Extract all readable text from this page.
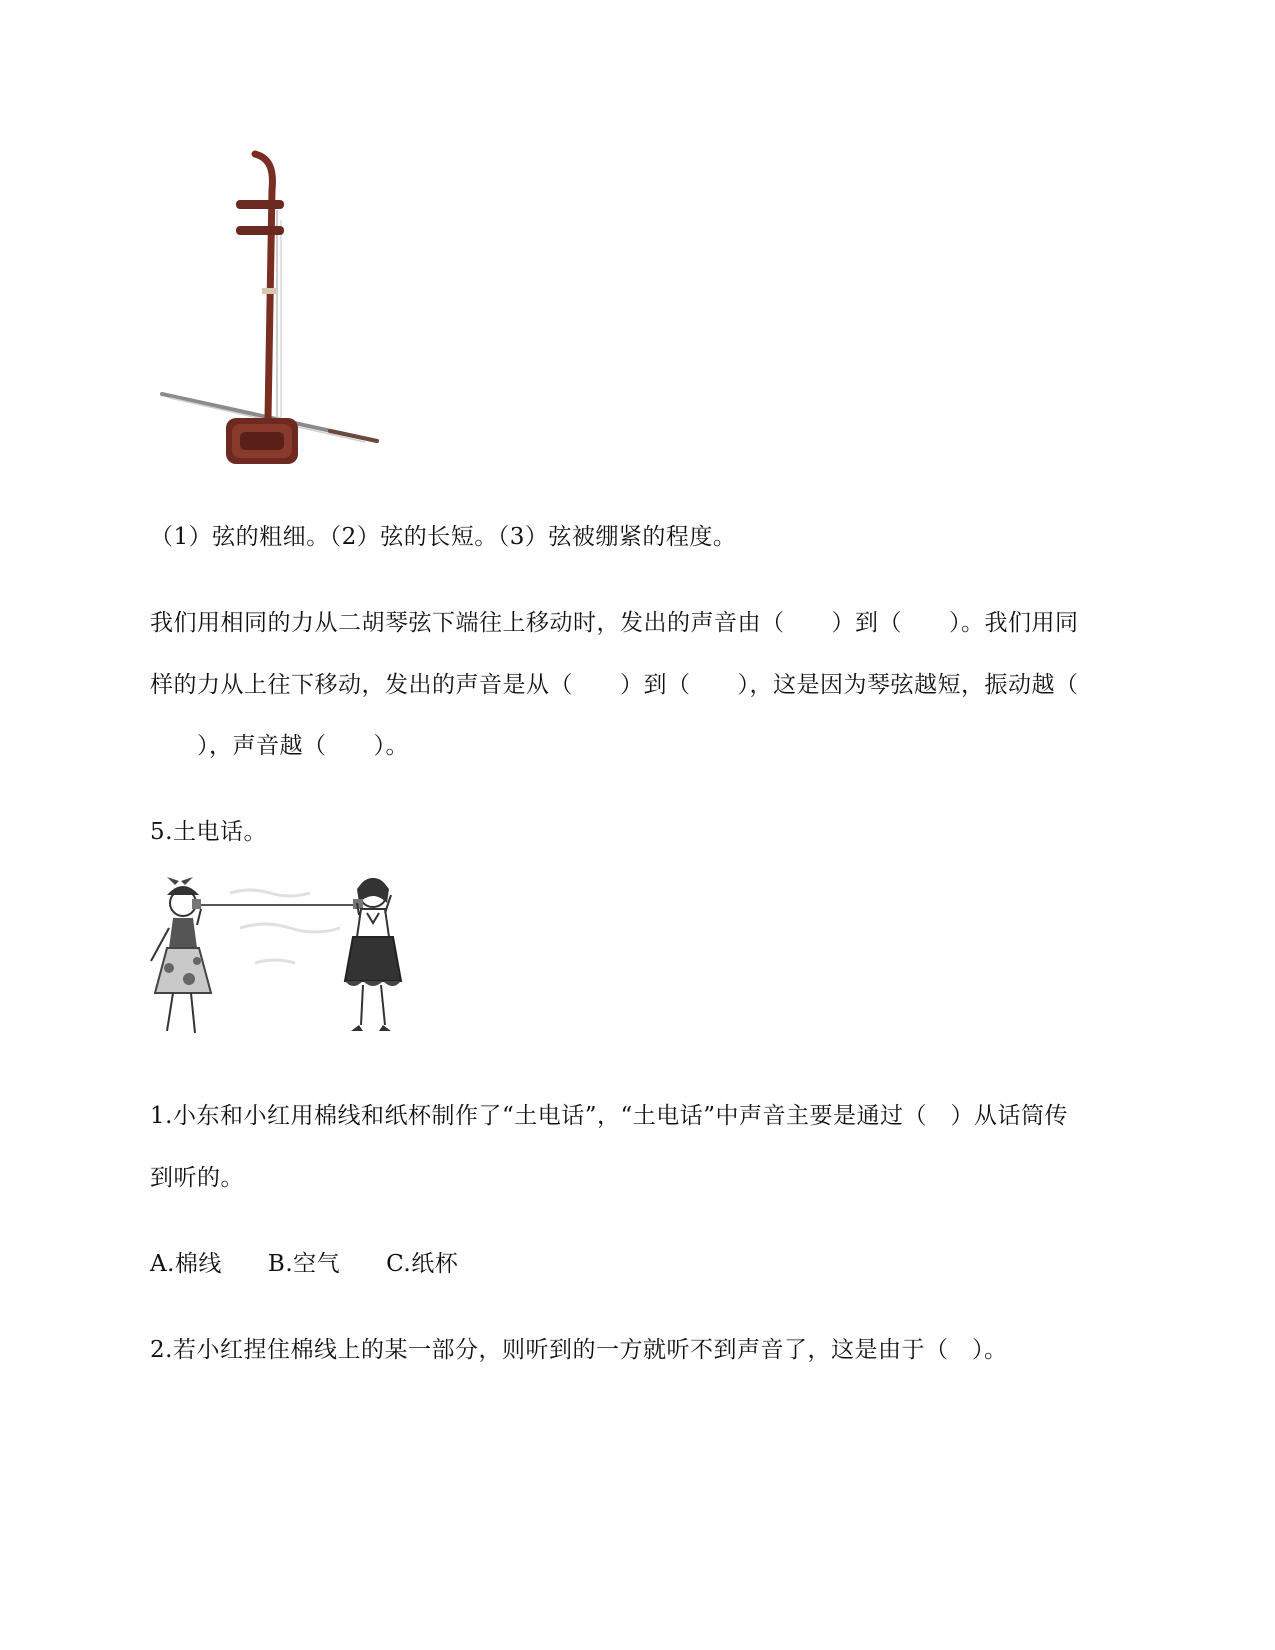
（1）弦的粗细。（2）弦的长短。（3）弦被绷紧的程度。

我们用相同的力从二胡琴弦下端往上移动时，发出的声音由（　　）到（　　）。我们用同

样的力从上往下移动，发出的声音是从（　　）到（　　），这是因为琴弦越短，振动越（

　　），声音越（　　）。

5.土电话。

1.小东和小红用棉线和纸杯制作了“土电话”，“土电话”中声音主要是通过（　）从话筒传

到听的。

A.棉线 B.空气 C.纸杯

2.若小红捏住棉线上的某一部分，则听到的一方就听不到声音了，这是由于（　）。
